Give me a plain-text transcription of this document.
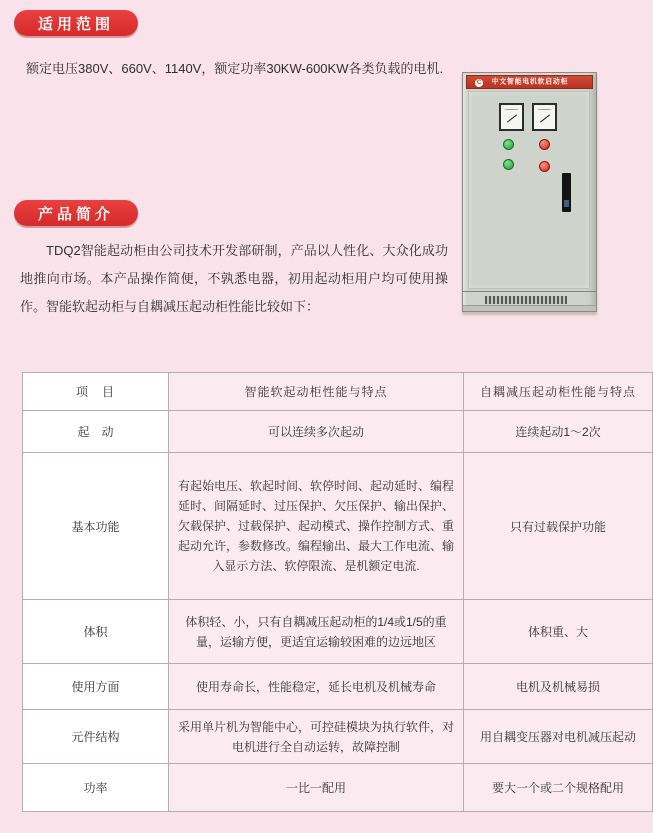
适用范围
额定电压380V、660V、1140V，额定功率30KW-600KW各类负载的电机.
C 中文智能电机软启动柜
产品简介
TDQ2智能起动柜由公司技术开发部研制，产品以人性化、大众化成功地推向市场。本产品操作简便，不孰悉电器，初用起动柜用户均可使用操作。智能软起动柜与自耦减压起动柜性能比较如下：
项　目	智能软起动柜性能与特点	自耦减压起动柜性能与特点
起　动	可以连续多次起动	连续起动1～2次
基本功能	有起始电压、软起时间、软停时间、起动延时、编程延时、间隔延时、过压保护、欠压保护、输出保护、欠载保护、过载保护、起动模式、操作控制方式、重起动允许，参数修改。编程输出、最大工作电流、输入显示方法、软停限流、是机额定电流.	只有过载保护功能
体积	体积轻、小，只有自耦减压起动柜的1/4或1/5的重量，运输方便，更适宜运输较困难的边远地区	体积重、大
使用方面	使用寿命长，性能稳定，延长电机及机械寿命	电机及机械易损
元件结构	采用单片机为智能中心，可控硅模块为执行软件，对电机进行全自动运转，故障控制	用自耦变压器对电机减压起动
功率	一比一配用	要大一个或二个规格配用
